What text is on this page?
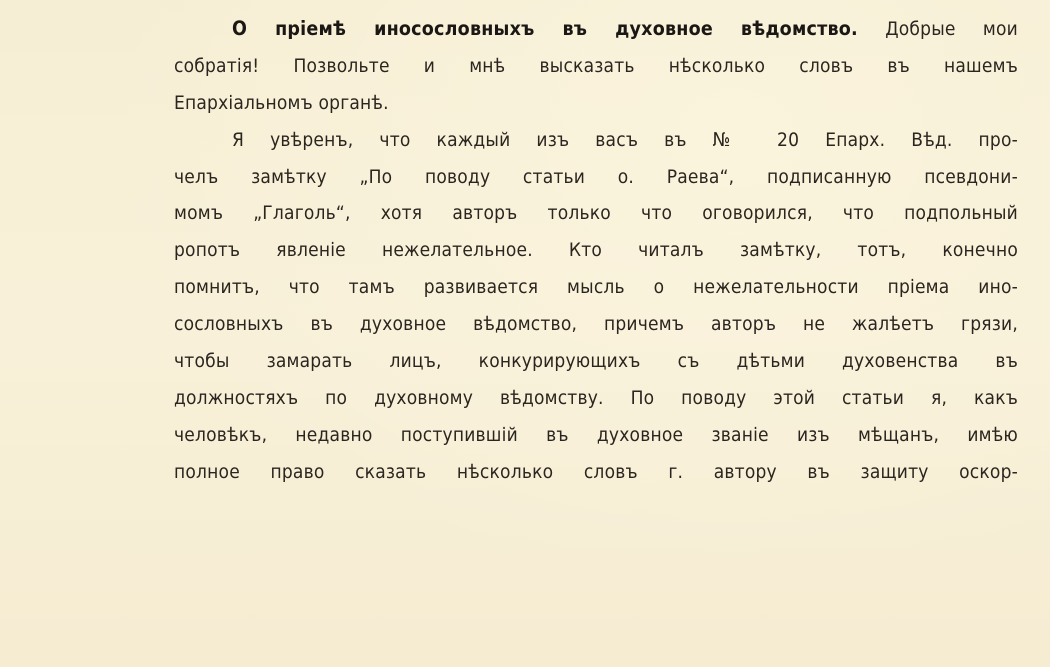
О пріемѣ иносословныхъ въ духовное вѣдомство. Добрые мои
собратія! Позвольте и мнѣ высказать нѣсколько словъ въ нашемъ
Епархіальномъ органѣ.
Я увѣренъ, что каждый изъ васъ въ № 20 Епарх. Вѣд. про-
челъ замѣтку „По поводу статьи о. Раева“, подписанную псевдони-
момъ „Глаголь“, хотя авторъ только что оговорился, что подпольный
ропотъ явленіе нежелательное. Кто читалъ замѣтку, тотъ, конечно
помнитъ, что тамъ развивается мысль о нежелательности пріема ино-
сословныхъ въ духовное вѣдомство, причемъ авторъ не жалѣетъ грязи,
чтобы замарать лицъ, конкурирующихъ съ дѣтьми духовенства въ
должностяхъ по духовному вѣдомству. По поводу этой статьи я, какъ
человѣкъ, недавно поступившій въ духовное званіе изъ мѣщанъ, имѣю
полное право сказать нѣсколько словъ г. автору въ защиту оскор-
